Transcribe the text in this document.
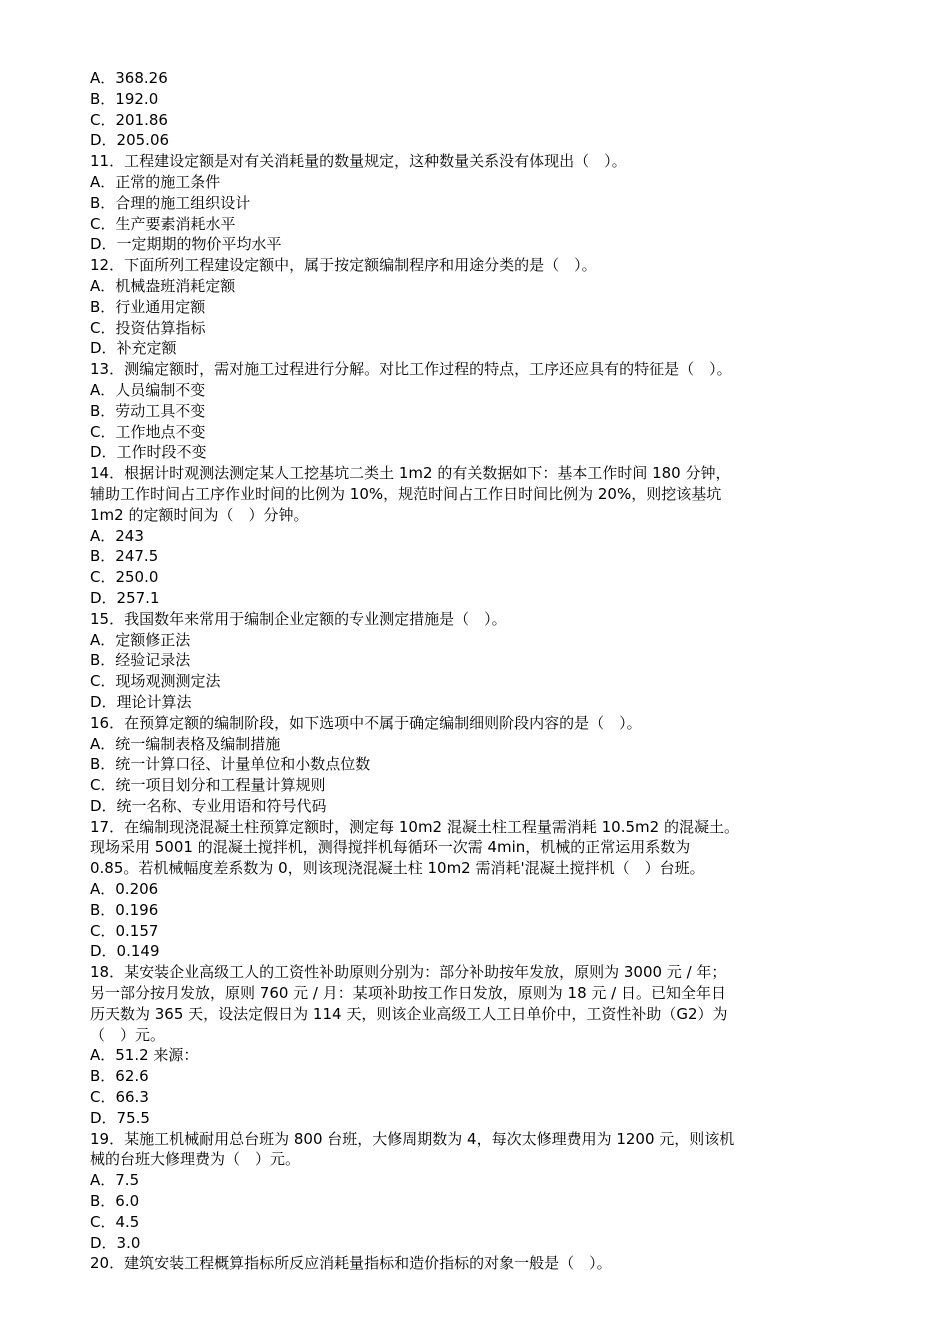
A．368.26
B．192.0
C．201.86
D．205.06
11．工程建设定额是对有关消耗量的数量规定，这种数量关系没有体现出（　）。
A．正常的施工条件
B．合理的施工组织设计
C．生产要素消耗水平
D．一定期期的物价平均水平
12．下面所列工程建设定额中，属于按定额编制程序和用途分类的是（　）。
A．机械盎班消耗定额
B．行业通用定额
C．投资估算指标
D．补充定额
13．测编定额时，需对施工过程进行分解。对比工作过程的特点，工序还应具有的特征是（　）。
A．人员编制不变
B．劳动工具不变
C．工作地点不变
D．工作时段不变
14．根据计时观测法测定某人工挖基坑二类土 1m2 的有关数据如下：基本工作时间 180 分钟，
辅助工作时间占工序作业时间的比例为 10%，规范时间占工作日时间比例为 20%，则挖该基坑
1m2 的定额时间为（　）分钟。
A．243
B．247.5
C．250.0
D．257.1
15．我国数年来常用于编制企业定额的专业测定措施是（　）。
A．定额修正法
B．经验记录法
C．现场观测测定法
D．理论计算法
16．在预算定额的编制阶段，如下选项中不属于确定编制细则阶段内容的是（　）。
A．统一编制表格及编制措施
B．统一计算口径、计量单位和小数点位数
C．统一项目划分和工程量计算规则
D．统一名称、专业用语和符号代码
17．在编制现浇混凝土柱预算定额时，测定每 10m2 混凝土柱工程量需消耗 10.5m2 的混凝土。
现场采用 5001 的混凝土搅拌机，测得搅拌机每循环一次需 4min，机械的正常运用系数为
0.85。若机械幅度差系数为 0，则该现浇混凝土柱 10m2 需消耗'混凝土搅拌机（　）台班。
A．0.206
B．0.196
C．0.157
D．0.149
18．某安装企业高级工人的工资性补助原则分别为：部分补助按年发放，原则为 3000 元 / 年；
另一部分按月发放，原则 760 元 / 月：某项补助按工作日发放，原则为 18 元 / 日。已知全年日
历天数为 365 天，设法定假日为 114 天，则该企业高级工人工日单价中，工资性补助（G2）为
（　）元。
A．51.2 来源：
B．62.6
C．66.3
D．75.5
19．某施工机械耐用总台班为 800 台班，大修周期数为 4，每次太修理费用为 1200 元，则该机
械的台班大修理费为（　）元。
A．7.5
B．6.0
C．4.5
D．3.0
20．建筑安装工程概算指标所反应消耗量指标和造价指标的对象一般是（　）。
